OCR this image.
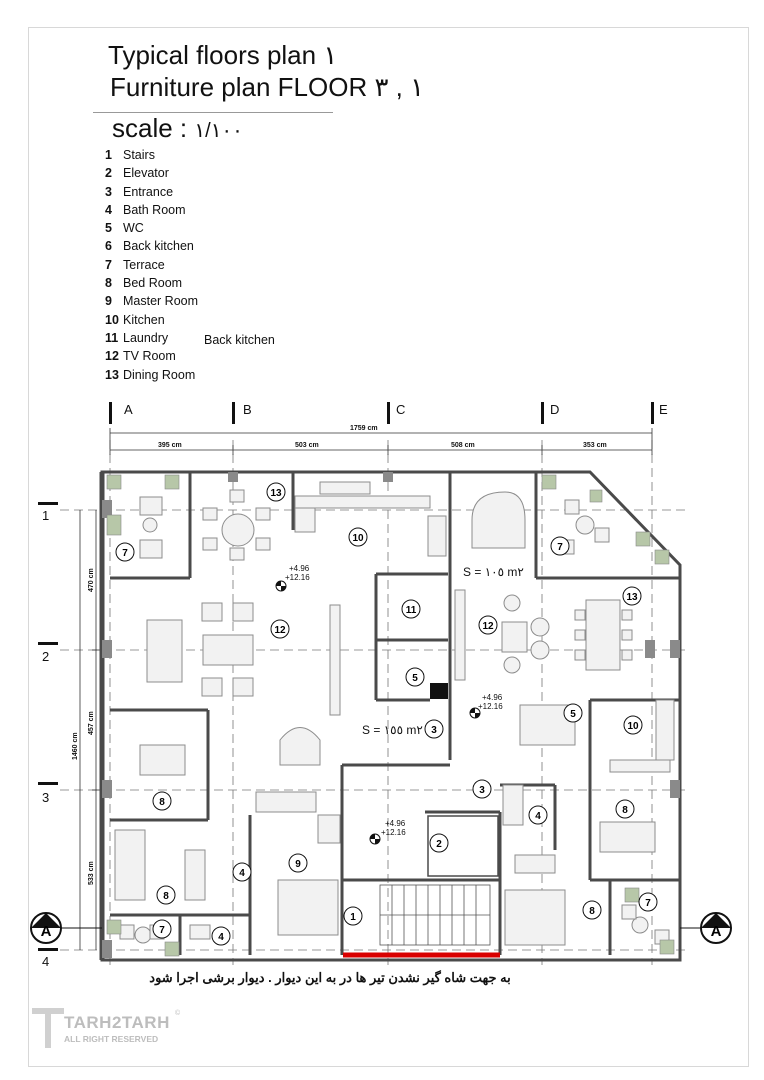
Typical floors plan ١
Furniture plan FLOOR ١ , ٣
scale : ١/١٠٠
1 Stairs
2 Elevator
3 Entrance
4 Bath Room
5 WC
6 Back kitchen
7 Terrace
8 Bed Room
9 Master Room
10 Kitchen
11 Laundry	Back kitchen
12 TV Room
13 Dining Room
A	B	C	D	E
1
2
3
4
1759 cm
395 cm	503 cm	508 cm	353 cm
1460 cm
470 cm
457 cm
533 cm
13
10
7
12
11
5
3
8
4
9
8
7
4
2
1
3
4
8
7
7
13
12
5
10
8
S = ١٥٥ m٢
S = ١٠٥ m٢
+4.96
+12.16
+4.96
+12.16
+4.96
+12.16
A	A
به جهت شاه گیر نشدن تیر ها در به این دیوار . دیوار برشی اجرا شود
TARH2TARH
ALL RIGHT RESERVED
©
